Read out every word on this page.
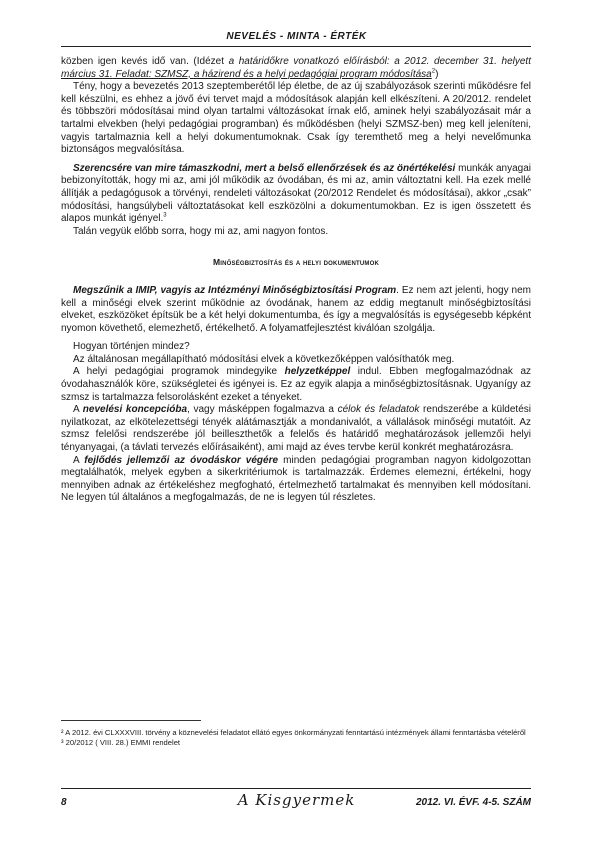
NEVELÉS - MINTA - ÉRTÉK

közben igen kevés idő van. (Idézet a határidőkre vonatkozó előírásból: a 2012. december 31. helyett március 31. Feladat: SZMSZ, a házirend és a helyi pedagógiai program módosítása$^2$)

Tény, hogy a bevezetés 2013 szeptemberétől lép életbe, de az új szabályozások szerinti működésre fel kell készülni, es ehhez a jövő évi tervet majd a módosítások alapján kell elkészíteni. A 20/2012. rendelet és többszöri módosításai mind olyan tartalmi változásokat írnak elő, aminek helyi szabályozásait már a tartalmi elvekben (helyi pedagógiai programban) és működésben (helyi SZMSZ-ben) meg kell jeleníteni, vagyis tartalmaznia kell a helyi dokumentumoknak. Csak így teremthető meg a helyi nevelőmunka biztonságos megvalósítása.

Szerencsére van mire támaszkodni, mert a belső ellenőrzések és az önértékelési munkák anyagai bebizonyították, hogy mi az, ami jól működik az óvodában, és mi az, amin változtatni kell. Ha ezek mellé állítják a pedagógusok a törvényi, rendeleti változásokat (20/2012 Rendelet és módosításai), akkor „csak” módosítási, hangsúlybeli változtatásokat kell eszközölni a dokumentumokban. Ez is igen összetett és alapos munkát igényel.$^3$

Talán vegyük előbb sorra, hogy mi az, ami nagyon fontos.

Minőségbiztosítás és a helyi dokumentumok

Megszűnik a IMIP, vagyis az Intézményi Minőségbiztosítási Program. Ez nem azt jelenti, hogy nem kell a minőségi elvek szerint működnie az óvodának, hanem az eddig megtanult minőségbiztosítási elveket, eszközöket építsük be a két helyi dokumentumba, és így a megvalósítás is egységesebb képként nyomon követhető, elemezhető, értékelhető. A folyamatfejlesztést kiválóan szolgálja.

Hogyan történjen mindez?

Az általánosan megállapítható módosítási elvek a következőképpen valósíthatók meg.

A helyi pedagógiai programok mindegyike helyzetképpel indul. Ebben megfogalmazódnak az óvodahasználók köre, szükségletei és igényei is. Ez az egyik alapja a minőségbiztosításnak. Ugyanígy az szmsz is tartalmazza felsorolásként ezeket a tényeket.

A nevelési koncepcióba, vagy másképpen fogalmazva a célok és feladatok rendszerébe a küldetési nyilatkozat, az elkötelezettségi tényék alátámasztják a mondanivalót, a vállalások minőségi mutatóit. Az szmsz felelősi rendszerébe jól beilleszthetők a felelős és határidő meghatározások jellemzői helyi tényanyagai, (a távlati tervezés előírásaiként), ami majd az éves tervbe kerül konkrét meghatározásra.

A fejlődés jellemzői az óvodáskor végére minden pedagógiai programban nagyon kidolgozottan megtalálhatók, melyek egyben a sikerkritériumok is tartalmazzák. Érdemes elemezni, értékelni, hogy mennyiben adnak az értékeléshez megfogható, értelmezhető tartalmakat és mennyiben kell módosítani. Ne legyen túl általános a megfogalmazás, de ne is legyen túl részletes.

² A 2012. évi CLXXXVIII. törvény a köznevelési feladatot ellátó egyes önkormányzati fenntartású intézmények állami fenntartásba vételéről

³ 20/2012 ( VIII. 28.) EMMI rendelet

8	A Kisgyermek	2012. VI. ÉVF. 4-5. SZÁM
